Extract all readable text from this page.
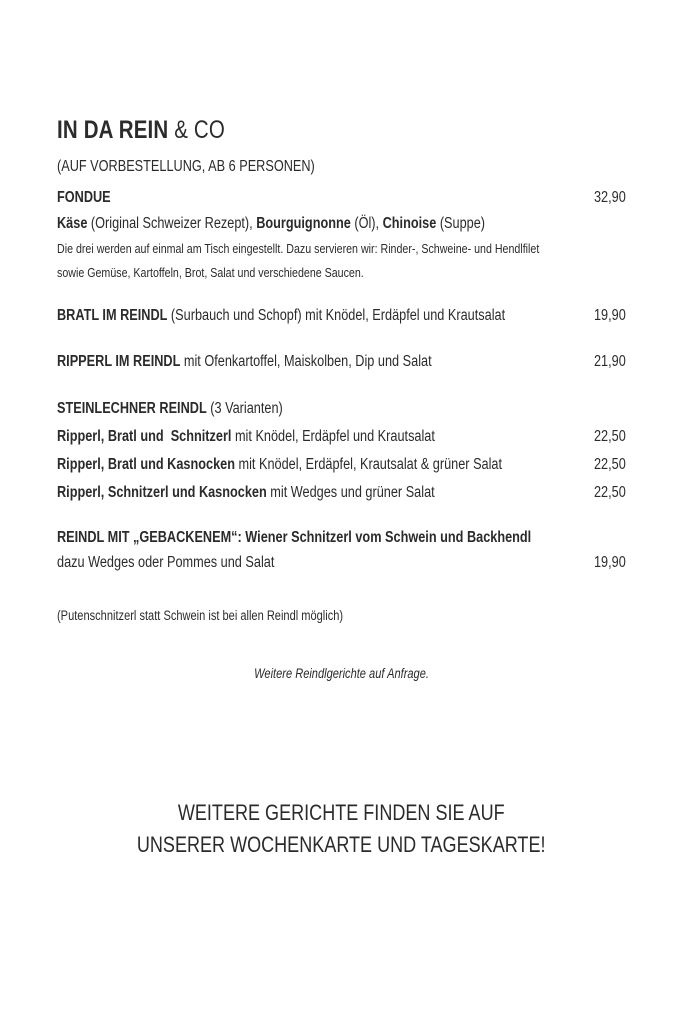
IN DA REIN & CO
(AUF VORBESTELLUNG, AB 6 PERSONEN)
FONDUE	32,90
Käse (Original Schweizer Rezept), Bourguignonne (Öl), Chinoise (Suppe)
Die drei werden auf einmal am Tisch eingestellt. Dazu servieren wir: Rinder-, Schweine- und Hendlfilet
sowie Gemüse, Kartoffeln, Brot, Salat und verschiedene Saucen.
BRATL IM REINDL (Surbauch und Schopf) mit Knödel, Erdäpfel und Krautsalat	19,90
RIPPERL IM REINDL mit Ofenkartoffel, Maiskolben, Dip und Salat	21,90
STEINLECHNER REINDL (3 Varianten)
Ripperl, Bratl und  Schnitzerl mit Knödel, Erdäpfel und Krautsalat	22,50
Ripperl, Bratl und Kasnocken mit Knödel, Erdäpfel, Krautsalat & grüner Salat	22,50
Ripperl, Schnitzerl und Kasnocken mit Wedges und grüner Salat	22,50
REINDL MIT „GEBACKENEM“: Wiener Schnitzerl vom Schwein und Backhendl
dazu Wedges oder Pommes und Salat	19,90
(Putenschnitzerl statt Schwein ist bei allen Reindl möglich)
Weitere Reindlgerichte auf Anfrage.
WEITERE GERICHTE FINDEN SIE AUF
UNSERER WOCHENKARTE UND TAGESKARTE!
